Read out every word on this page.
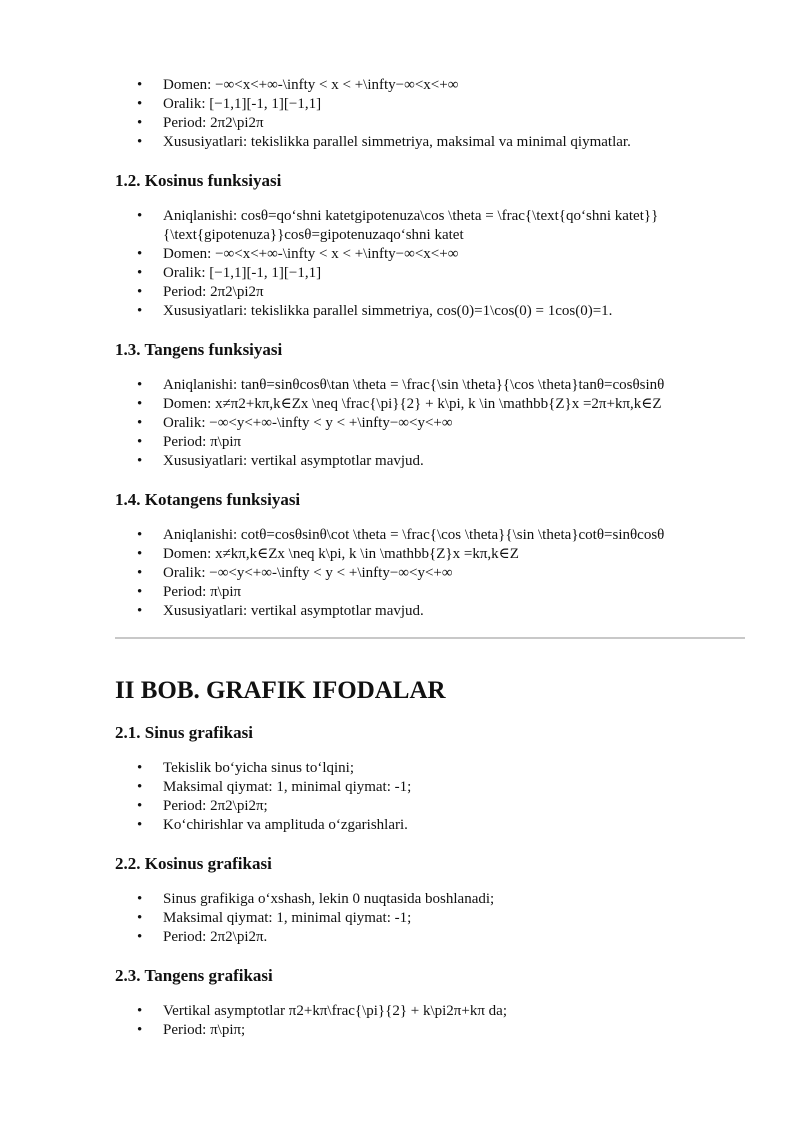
• Domen: −∞<x<+∞-\infty < x < +\infty−∞<x<+∞
• Oralik: [−1,1][-1, 1][−1,1]
• Period: 2π2\pi2π
• Xususiyatlari: tekislikka parallel simmetriya, maksimal va minimal qiymatlar.
1.2. Kosinus funksiyasi
• Aniqlanishi: cosθ=qoʻshni katetgipotenuza\cos \theta = \frac{\text{qoʻshni katet}}{\text{gipotenuza}}cosθ=gipotenuzaqoʻshni katet
• Domen: −∞<x<+∞-\infty < x < +\infty−∞<x<+∞
• Oralik: [−1,1][-1, 1][−1,1]
• Period: 2π2\pi2π
• Xususiyatlari: tekislikka parallel simmetriya, cos(0)=1\cos(0) = 1cos(0)=1.
1.3. Tangens funksiyasi
• Aniqlanishi: tanθ=sinθcosθ\tan \theta = \frac{\sin \theta}{\cos \theta}tanθ=cosθsinθ
• Domen: x≠π2+kπ,k∈Zx \neq \frac{\pi}{2} + k\pi, k \in \mathbb{Z}x =2π+kπ,k∈Z
• Oralik: −∞<y<+∞-\infty < y < +\infty−∞<y<+∞
• Period: π\piπ
• Xususiyatlari: vertikal asymptotlar mavjud.
1.4. Kotangens funksiyasi
• Aniqlanishi: cotθ=cosθsinθ\cot \theta = \frac{\cos \theta}{\sin \theta}cotθ=sinθcosθ
• Domen: x≠kπ,k∈Zx \neq k\pi, k \in \mathbb{Z}x =kπ,k∈Z
• Oralik: −∞<y<+∞-\infty < y < +\infty−∞<y<+∞
• Period: π\piπ
• Xususiyatlari: vertikal asymptotlar mavjud.
II BOB. GRAFIK IFODALAR
2.1. Sinus grafikasi
• Tekislik boʻyicha sinus toʻlqini;
• Maksimal qiymat: 1, minimal qiymat: -1;
• Period: 2π2\pi2π;
• Koʻchirishlar va amplituda oʻzgarishlari.
2.2. Kosinus grafikasi
• Sinus grafikiga oʻxshash, lekin 0 nuqtasida boshlanadi;
• Maksimal qiymat: 1, minimal qiymat: -1;
• Period: 2π2\pi2π.
2.3. Tangens grafikasi
• Vertikal asymptotlar π2+kπ\frac{\pi}{2} + k\pi2π+kπ da;
• Period: π\piπ;
